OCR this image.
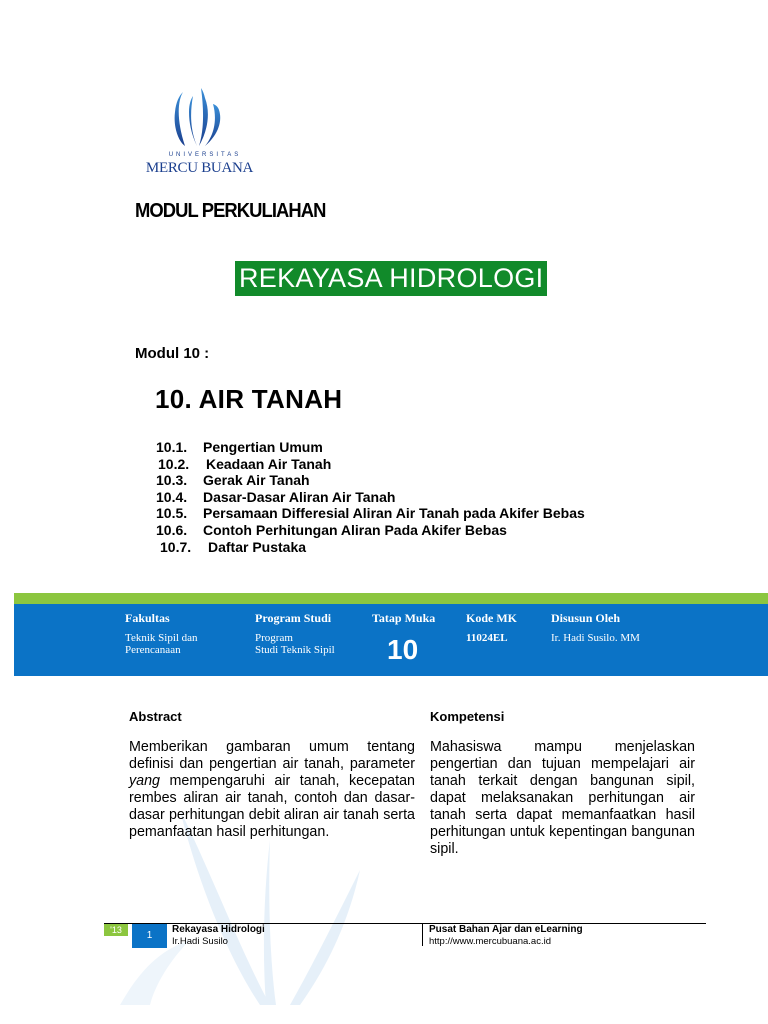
UNIVERSITAS
MERCU BUANA
MODUL PERKULIAHAN
REKAYASA HIDROLOGI
Modul 10 :
10. AIR TANAH
10.1. Pengertian Umum
10.2. Keadaan Air Tanah
10.3. Gerak Air Tanah
10.4. Dasar-Dasar Aliran Air Tanah
10.5. Persamaan Differesial Aliran Air Tanah pada Akifer Bebas
10.6. Contoh Perhitungan Aliran Pada Akifer Bebas
10.7. Daftar Pustaka
Fakultas
Teknik Sipil dan
Perencanaan
Program Studi
Program
Studi Teknik Sipil
Tatap Muka
10
Kode MK
11024EL
Disusun Oleh
Ir. Hadi Susilo. MM
Abstract
Memberikan gambaran umum tentang definisi dan pengertian air tanah, parameter yang mempengaruhi air tanah, kecepatan rembes aliran air tanah, contoh dan dasar-dasar perhitungan debit aliran air tanah serta pemanfaatan hasil perhitungan.
Kompetensi
Mahasiswa mampu menjelaskan pengertian dan tujuan mempelajari air tanah terkait dengan bangunan sipil, dapat melaksanakan perhitungan air tanah serta dapat memanfaatkan hasil perhitungan untuk kepentingan bangunan sipil.
'13	1
Rekayasa Hidrologi
Ir.Hadi Susilo
Pusat Bahan Ajar dan eLearning
http://www.mercubuana.ac.id
